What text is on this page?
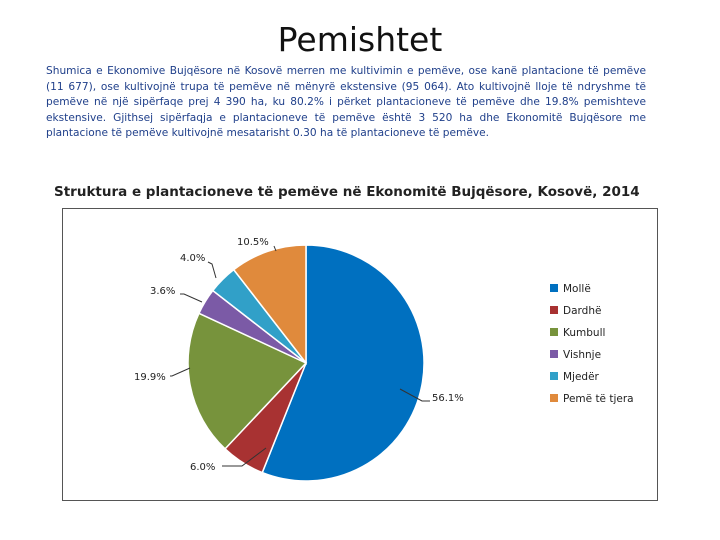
Pemishtet
Shumica e Ekonomive Bujqësore në Kosovë merren me kultivimin e pemëve, ose kanë plantacione të pemëve (11 677), ose kultivojnë trupa të pemëve në mënyrë ekstensive (95 064). Ato kultivojnë lloje të ndryshme të pemëve në një sipërfaqe prej 4 390 ha, ku 80.2% i përket plantacioneve të pemëve dhe 19.8% pemishteve ekstensive. Gjithsej sipërfaqja e plantacioneve të pemëve është 3 520 ha dhe Ekonomitë Bujqësore me plantacione të pemëve kultivojnë mesatarisht 0.30 ha të plantacioneve të pemëve.
Struktura e plantacioneve të pemëve në Ekonomitë Bujqësore, Kosovë, 2014
56.1%
6.0%
19.9%
3.6%
4.0%
10.5%
Mollë
Dardhë
Kumbull
Vishnje
Mjedër
Pemë të tjera
